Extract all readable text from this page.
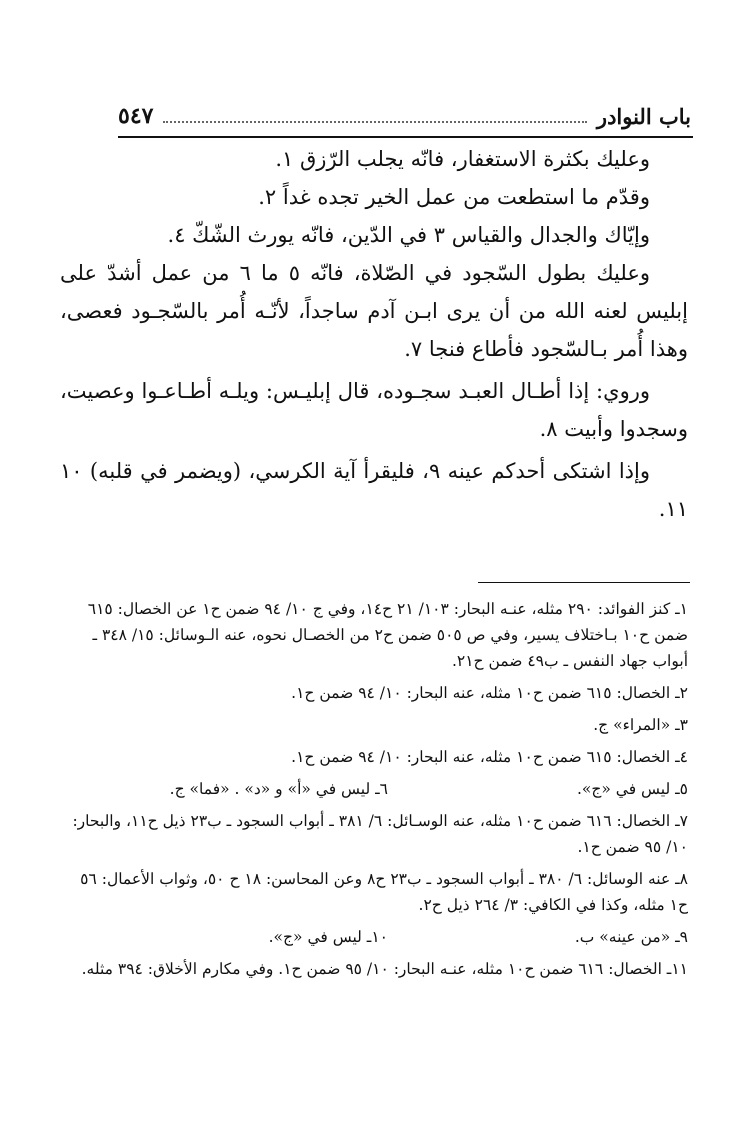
باب النوادر
٥٤٧

وعليك بكثرة الاستغفار، فانّه يجلب الرّزق ١.

وقدّم ما استطعت من عمل الخير تجده غداً ٢.

وإيّاك والجدال والقياس ٣ في الدّين، فانّه يورث الشّكّ ٤.

وعليك بطول السّجود في الصّلاة، فانّه ٥ ما ٦ من عمل أشدّ على إبليس لعنه الله من أن يرى ابـن آدم ساجداً، لأنّـه أُمر بالسّجـود فعصى، وهذا أُمر بـالسّجود فأطاع فنجا ٧.

وروي: إذا أطـال العبـد سجـوده، قال إبليـس: ويلـه أطـاعـوا وعصيت، وسجدوا وأبيت ٨.

وإذا اشتكى أحدكم عينه ٩، فليقرأ آية الكرسي، (ويضمر في قلبه) ١٠ ١١.

١ـ كنز الفوائد: ٢٩٠ مثله، عنـه البحار: ١٠٣/ ٢١ ح١٤، وفي ج ١٠/ ٩٤ ضمن ح١ عن الخصال: ٦١٥ ضمن ح١٠ بـاختلاف يسير، وفي ص ٥٠٥ ضمن ح٢ من الخصـال نحوه، عنه الـوسائل: ١٥/ ٣٤٨ ـ أبواب جهاد النفس ـ ب٤٩ ضمن ح٢١.

٢ـ الخصال: ٦١٥ ضمن ح١٠ مثله، عنه البحار: ١٠/ ٩٤ ضمن ح١.

٣ـ «المراء» ج.

٤ـ الخصال: ٦١٥ ضمن ح١٠ مثله، عنه البحار: ١٠/ ٩٤ ضمن ح١.

٥ـ ليس في «ج».
٦ـ ليس في «أ» و «د» . «فما» ج.

٧ـ الخصال: ٦١٦ ضمن ح١٠ مثله، عنه الوسـائل: ٦/ ٣٨١ ـ أبواب السجود ـ ب٢٣ ذيل ح١١، والبحار: ١٠/ ٩٥ ضمن ح١.

٨ـ عنه الوسائل: ٦/ ٣٨٠ ـ أبواب السجود ـ ب٢٣ ح٨ وعن المحاسن: ١٨ ح ٥٠، وثواب الأعمال: ٥٦ ح١ مثله، وكذا في الكافي: ٣/ ٢٦٤ ذيل ح٢.

٩ـ «من عينه» ب.
١٠ـ ليس في «ج».

١١ـ الخصال: ٦١٦ ضمن ح١٠ مثله، عنـه البحار: ١٠/ ٩٥ ضمن ح١. وفي مكارم الأخلاق: ٣٩٤ مثله.
